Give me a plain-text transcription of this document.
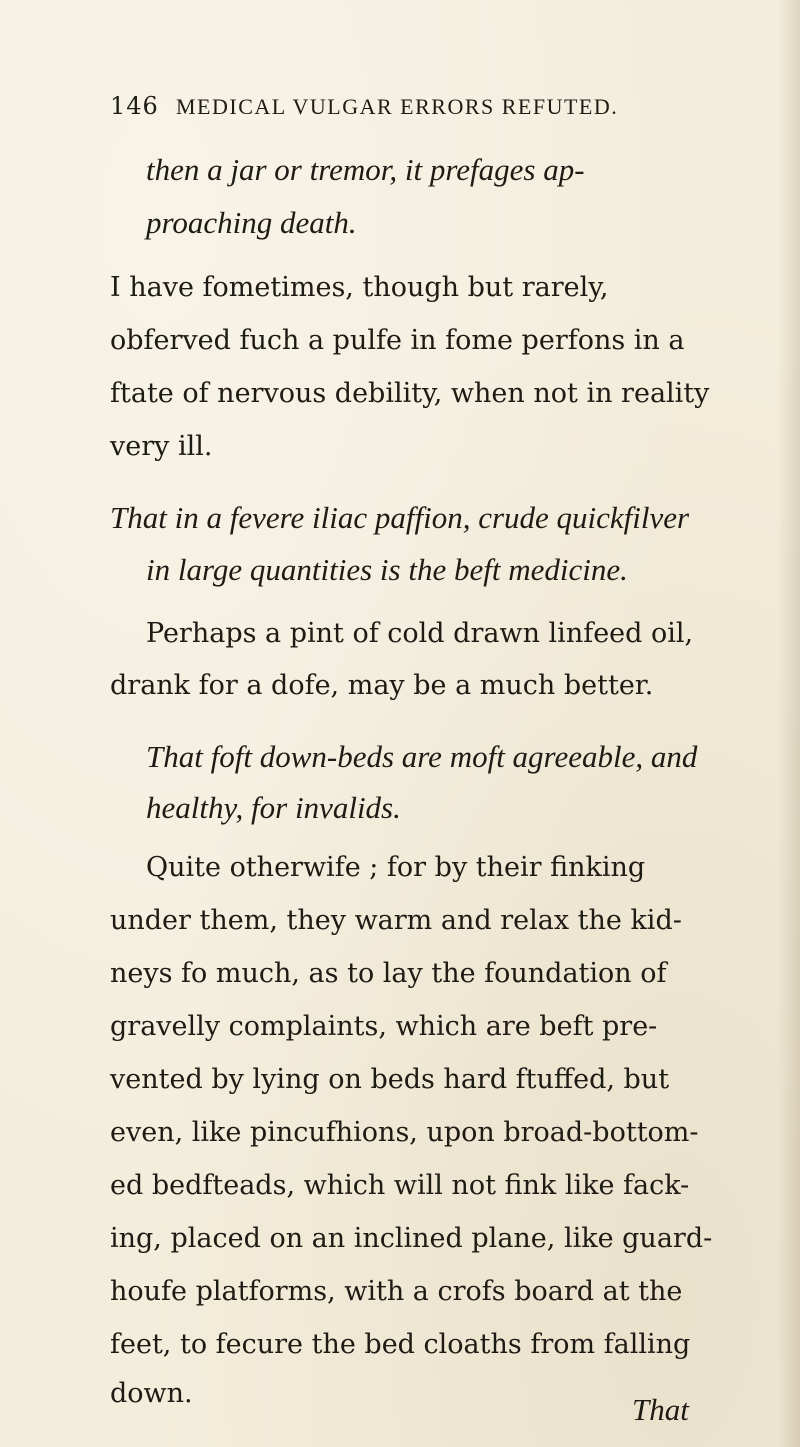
146 MEDICAL VULGAR ERRORS REFUTED.
then a jar or tremor, it prefages ap-
proaching death.
I have fometimes, though but rarely,
obferved fuch a pulfe in fome perfons in a
ftate of nervous debility, when not in reality
very ill.
That in a fevere iliac paffion, crude quickfilver
in large quantities is the beft medicine.
Perhaps a pint of cold drawn linfeed oil,
drank for a dofe, may be a much better.
That foft down-beds are moft agreeable, and
healthy, for invalids.
Quite otherwife ; for by their finking
under them, they warm and relax the kid-
neys fo much, as to lay the foundation of
gravelly complaints, which are beft pre-
vented by lying on beds hard ftuffed, but
even, like pincufhions, upon broad-bottom-
ed bedfteads, which will not fink like fack-
ing, placed on an inclined plane, like guard-
houfe platforms, with a crofs board at the
feet, to fecure the bed cloaths from falling
down.	That
